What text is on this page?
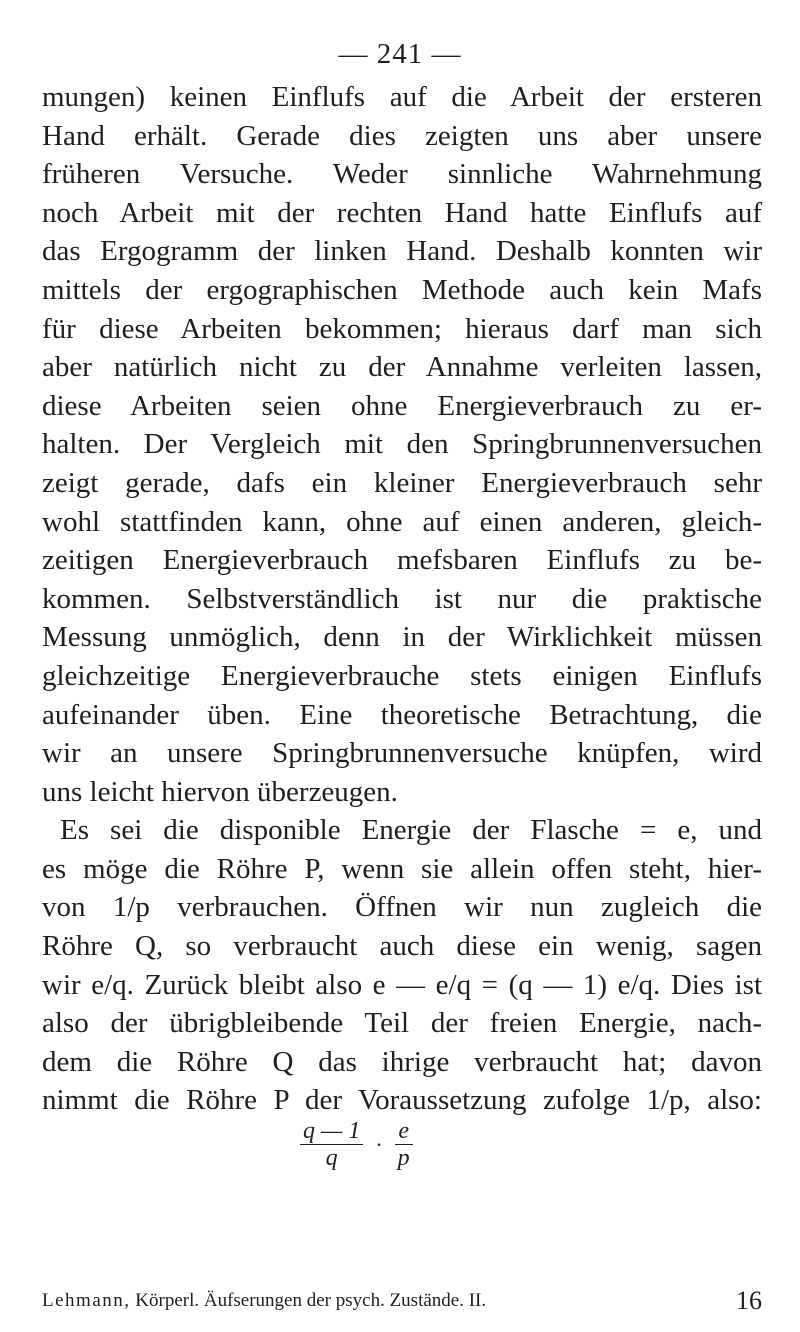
— 241 —
mungen) keinen Einflufs auf die Arbeit der ersteren
Hand erhält. Gerade dies zeigten uns aber unsere
früheren Versuche. Weder sinnliche Wahrnehmung
noch Arbeit mit der rechten Hand hatte Einflufs auf
das Ergogramm der linken Hand. Deshalb konnten wir
mittels der ergographischen Methode auch kein Mafs
für diese Arbeiten bekommen; hieraus darf man sich
aber natürlich nicht zu der Annahme verleiten lassen,
diese Arbeiten seien ohne Energieverbrauch zu er-
halten. Der Vergleich mit den Springbrunnenversuchen
zeigt gerade, dafs ein kleiner Energieverbrauch sehr
wohl stattfinden kann, ohne auf einen anderen, gleich-
zeitigen Energieverbrauch mefsbaren Einflufs zu be-
kommen. Selbstverständlich ist nur die praktische
Messung unmöglich, denn in der Wirklichkeit müssen
gleichzeitige Energieverbrauche stets einigen Einflufs
aufeinander üben. Eine theoretische Betrachtung, die
wir an unsere Springbrunnenversuche knüpfen, wird
uns leicht hiervon überzeugen.
Es sei die disponible Energie der Flasche = e, und
es möge die Röhre P, wenn sie allein offen steht, hier-
von 1/p verbrauchen. Öffnen wir nun zugleich die
Röhre Q, so verbraucht auch diese ein wenig, sagen
wir e/q. Zurück bleibt also e — e/q = (q — 1) e/q. Dies ist
also der übrigbleibende Teil der freien Energie, nach-
dem die Röhre Q das ihrige verbraucht hat; davon
nimmt die Röhre P der Voraussetzung zufolge 1/p, also:
$\frac{q — 1}{q} \cdot \frac{e}{p}$
Lehmann, Körperl. Äufserungen der psych. Zustände. II.	16
